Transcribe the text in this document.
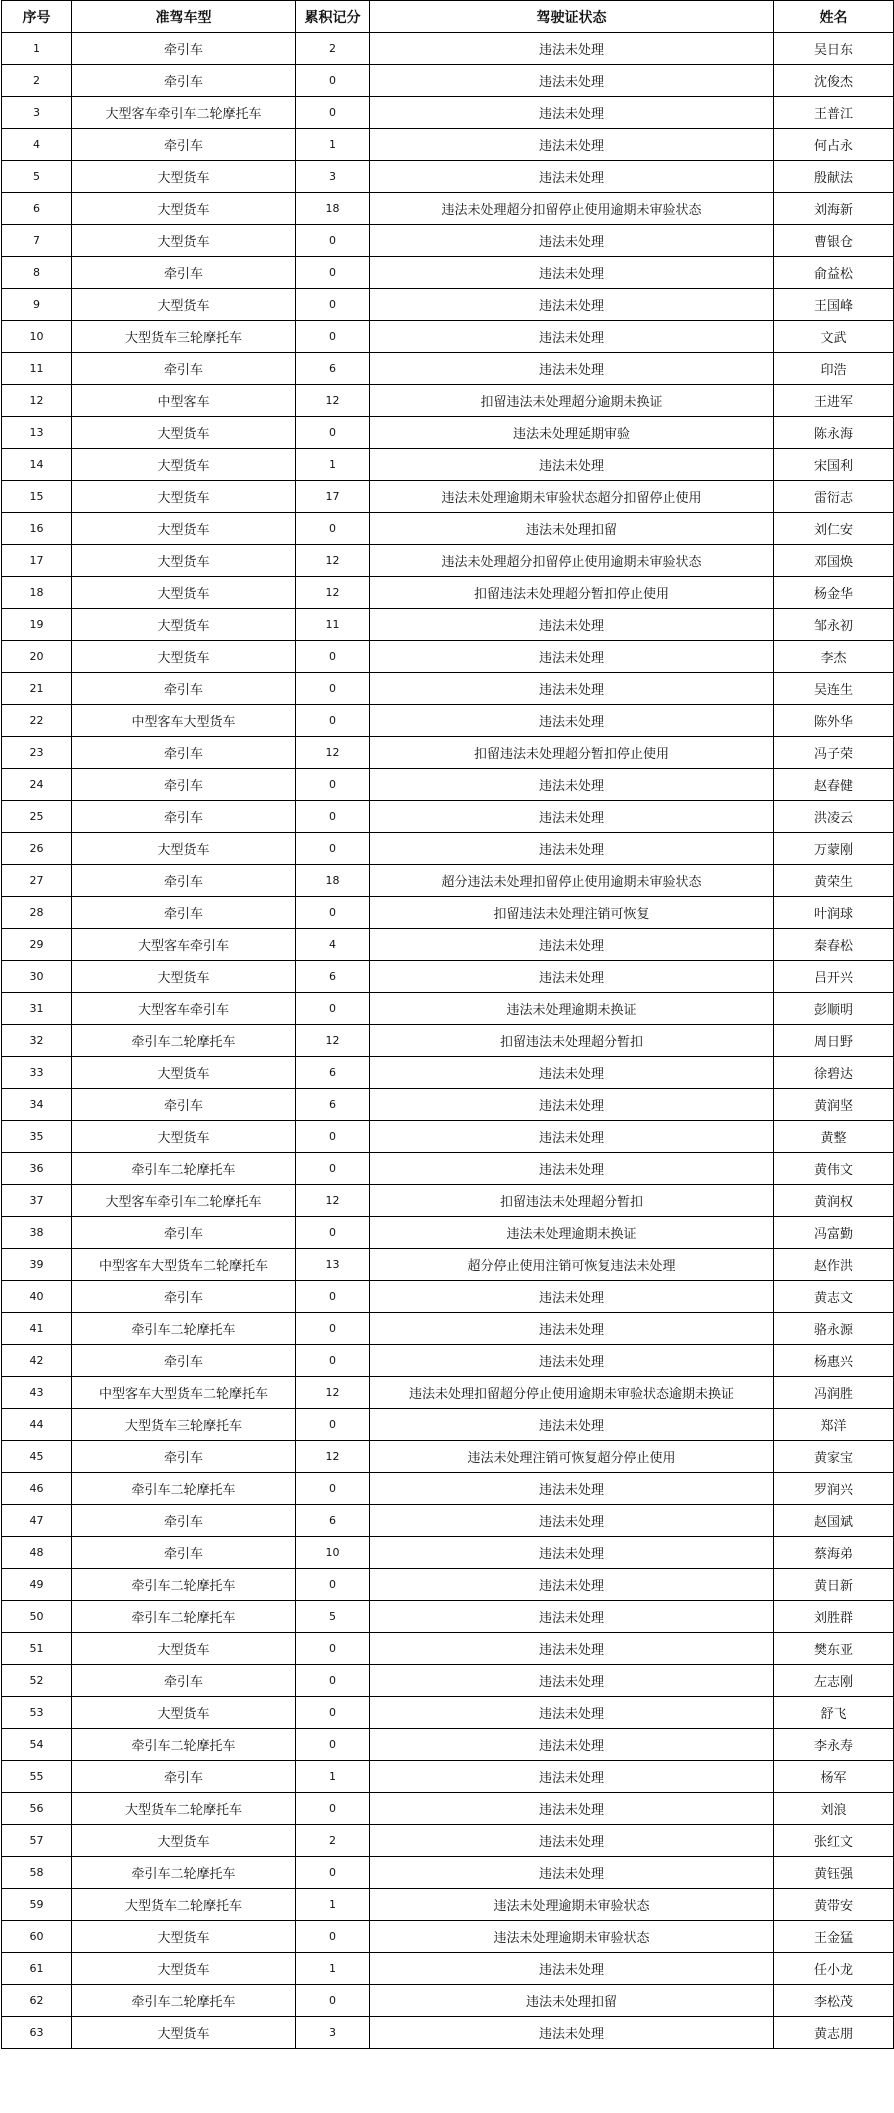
序号	准驾车型	累积记分	驾驶证状态	姓名
1	牵引车	2	违法未处理	吴日东
2	牵引车	0	违法未处理	沈俊杰
3	大型客车牵引车二轮摩托车	0	违法未处理	王普江
4	牵引车	1	违法未处理	何占永
5	大型货车	3	违法未处理	殷献法
6	大型货车	18	违法未处理超分扣留停止使用逾期未审验状态	刘海新
7	大型货车	0	违法未处理	曹银仓
8	牵引车	0	违法未处理	俞益松
9	大型货车	0	违法未处理	王国峰
10	大型货车三轮摩托车	0	违法未处理	文武
11	牵引车	6	违法未处理	印浩
12	中型客车	12	扣留违法未处理超分逾期未换证	王进军
13	大型货车	0	违法未处理延期审验	陈永海
14	大型货车	1	违法未处理	宋国利
15	大型货车	17	违法未处理逾期未审验状态超分扣留停止使用	雷衍志
16	大型货车	0	违法未处理扣留	刘仁安
17	大型货车	12	违法未处理超分扣留停止使用逾期未审验状态	邓国焕
18	大型货车	12	扣留违法未处理超分暂扣停止使用	杨金华
19	大型货车	11	违法未处理	邹永初
20	大型货车	0	违法未处理	李杰
21	牵引车	0	违法未处理	吴连生
22	中型客车大型货车	0	违法未处理	陈外华
23	牵引车	12	扣留违法未处理超分暂扣停止使用	冯子荣
24	牵引车	0	违法未处理	赵春健
25	牵引车	0	违法未处理	洪凌云
26	大型货车	0	违法未处理	万蒙刚
27	牵引车	18	超分违法未处理扣留停止使用逾期未审验状态	黄荣生
28	牵引车	0	扣留违法未处理注销可恢复	叶润球
29	大型客车牵引车	4	违法未处理	秦春松
30	大型货车	6	违法未处理	吕开兴
31	大型客车牵引车	0	违法未处理逾期未换证	彭顺明
32	牵引车二轮摩托车	12	扣留违法未处理超分暂扣	周日野
33	大型货车	6	违法未处理	徐碧达
34	牵引车	6	违法未处理	黄润坚
35	大型货车	0	违法未处理	黄整
36	牵引车二轮摩托车	0	违法未处理	黄伟文
37	大型客车牵引车二轮摩托车	12	扣留违法未处理超分暂扣	黄润权
38	牵引车	0	违法未处理逾期未换证	冯富勤
39	中型客车大型货车二轮摩托车	13	超分停止使用注销可恢复违法未处理	赵作洪
40	牵引车	0	违法未处理	黄志文
41	牵引车二轮摩托车	0	违法未处理	骆永源
42	牵引车	0	违法未处理	杨惠兴
43	中型客车大型货车二轮摩托车	12	违法未处理扣留超分停止使用逾期未审验状态逾期未换证	冯润胜
44	大型货车三轮摩托车	0	违法未处理	郑洋
45	牵引车	12	违法未处理注销可恢复超分停止使用	黄家宝
46	牵引车二轮摩托车	0	违法未处理	罗润兴
47	牵引车	6	违法未处理	赵国斌
48	牵引车	10	违法未处理	蔡海弟
49	牵引车二轮摩托车	0	违法未处理	黄日新
50	牵引车二轮摩托车	5	违法未处理	刘胜群
51	大型货车	0	违法未处理	樊东亚
52	牵引车	0	违法未处理	左志刚
53	大型货车	0	违法未处理	舒飞
54	牵引车二轮摩托车	0	违法未处理	李永寿
55	牵引车	1	违法未处理	杨军
56	大型货车二轮摩托车	0	违法未处理	刘浪
57	大型货车	2	违法未处理	张红文
58	牵引车二轮摩托车	0	违法未处理	黄钰强
59	大型货车二轮摩托车	1	违法未处理逾期未审验状态	黄带安
60	大型货车	0	违法未处理逾期未审验状态	王金猛
61	大型货车	1	违法未处理	任小龙
62	牵引车二轮摩托车	0	违法未处理扣留	李松茂
63	大型货车	3	违法未处理	黄志朋
